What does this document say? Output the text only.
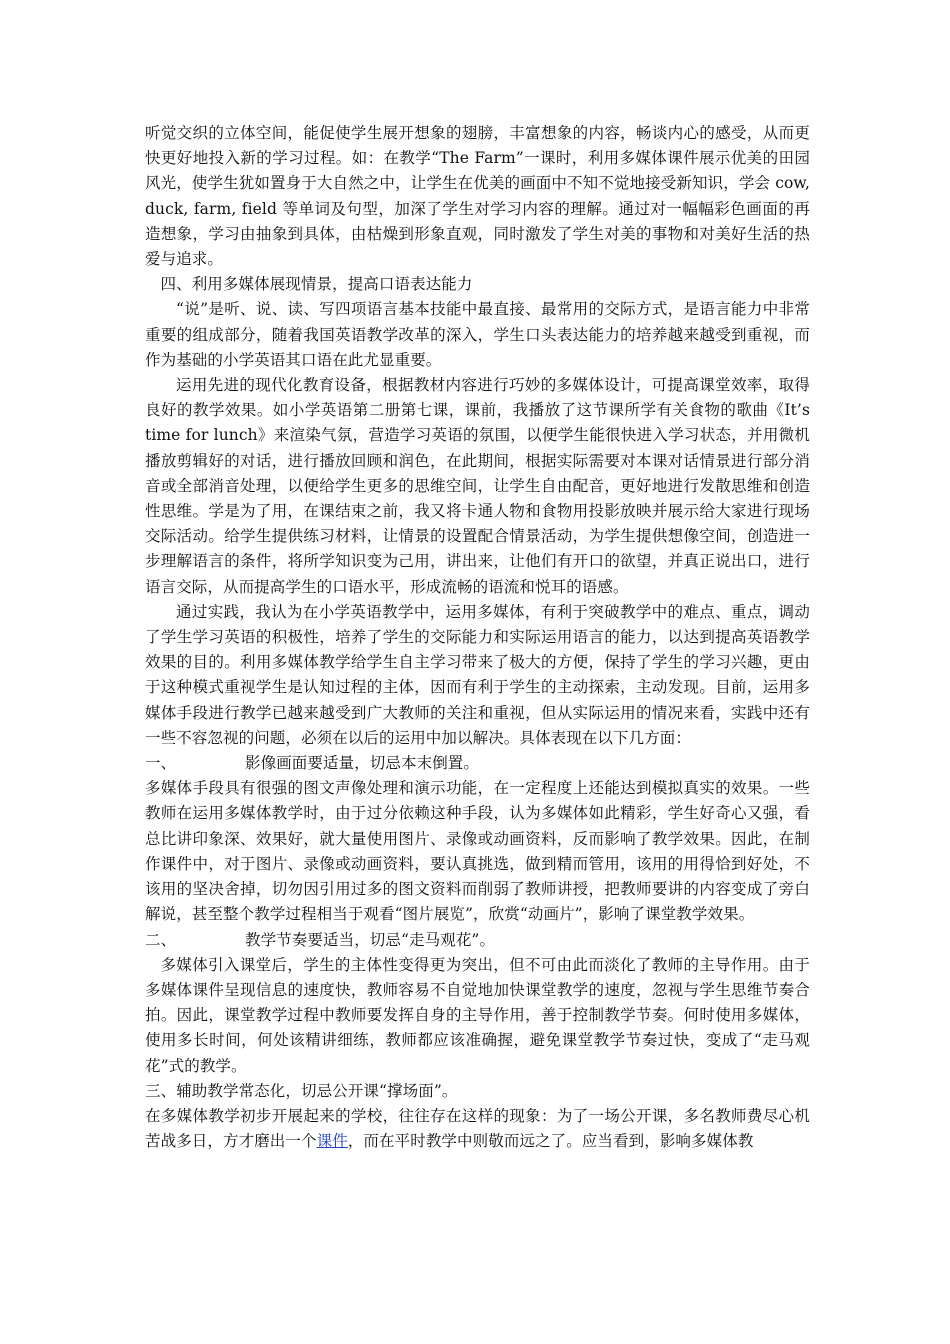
听觉交织的立体空间，能促使学生展开想象的翅膀，丰富想象的内容，畅谈内心的感受，从而更快更好地投入新的学习过程。如：在教学“The Farm”一课时，利用多媒体课件展示优美的田园风光，使学生犹如置身于大自然之中，让学生在优美的画面中不知不觉地接受新知识，学会 cow, duck, farm, field 等单词及句型，加深了学生对学习内容的理解。通过对一幅幅彩色画面的再造想象，学习由抽象到具体，由枯燥到形象直观，同时激发了学生对美的事物和对美好生活的热爱与追求。

四、利用多媒体展现情景，提高口语表达能力

“说”是听、说、读、写四项语言基本技能中最直接、最常用的交际方式，是语言能力中非常重要的组成部分，随着我国英语教学改革的深入，学生口头表达能力的培养越来越受到重视，而作为基础的小学英语其口语在此尤显重要。

运用先进的现代化教育设备，根据教材内容进行巧妙的多媒体设计，可提高课堂效率，取得良好的教学效果。如小学英语第二册第七课，课前，我播放了这节课所学有关食物的歌曲《It’s time for lunch》来渲染气氛，营造学习英语的氛围，以便学生能很快进入学习状态，并用微机播放剪辑好的对话，进行播放回顾和润色，在此期间，根据实际需要对本课对话情景进行部分消音或全部消音处理，以便给学生更多的思维空间，让学生自由配音，更好地进行发散思维和创造性思维。学是为了用，在课结束之前，我又将卡通人物和食物用投影放映并展示给大家进行现场交际活动。给学生提供练习材料，让情景的设置配合情景活动，为学生提供想像空间，创造进一步理解语言的条件，将所学知识变为己用，讲出来，让他们有开口的欲望，并真正说出口，进行语言交际，从而提高学生的口语水平，形成流畅的语流和悦耳的语感。

通过实践，我认为在小学英语教学中，运用多媒体，有利于突破教学中的难点、重点，调动了学生学习英语的积极性，培养了学生的交际能力和实际运用语言的能力，以达到提高英语教学效果的目的。利用多媒体教学给学生自主学习带来了极大的方便，保持了学生的学习兴趣，更由于这种模式重视学生是认知过程的主体，因而有利于学生的主动探索，主动发现。目前，运用多媒体手段进行教学已越来越受到广大教师的关注和重视，但从实际运用的情况来看，实践中还有一些不容忽视的问题，必须在以后的运用中加以解决。具体表现在以下几方面：

一、	影像画面要适量，切忌本末倒置。

多媒体手段具有很强的图文声像处理和演示功能，在一定程度上还能达到模拟真实的效果。一些教师在运用多媒体教学时，由于过分依赖这种手段，认为多媒体如此精彩，学生好奇心又强，看总比讲印象深、效果好，就大量使用图片、录像或动画资料，反而影响了教学效果。因此，在制作课件中，对于图片、录像或动画资料，要认真挑选，做到精而管用，该用的用得恰到好处，不该用的坚决舍掉，切勿因引用过多的图文资料而削弱了教师讲授，把教师要讲的内容变成了旁白解说，甚至整个教学过程相当于观看“图片展览”，欣赏“动画片”，影响了课堂教学效果。

二、	教学节奏要适当，切忌“走马观花”。

多媒体引入课堂后，学生的主体性变得更为突出，但不可由此而淡化了教师的主导作用。由于多媒体课件呈现信息的速度快，教师容易不自觉地加快课堂教学的速度，忽视与学生思维节奏合拍。因此，课堂教学过程中教师要发挥自身的主导作用，善于控制教学节奏。何时使用多媒体，使用多长时间，何处该精讲细练，教师都应该准确握，避免课堂教学节奏过快，变成了“走马观花”式的教学。

三、辅助教学常态化，切忌公开课“撑场面”。

在多媒体教学初步开展起来的学校，往往存在这样的现象：为了一场公开课，多名教师费尽心机苦战多日，方才磨出一个课件，而在平时教学中则敬而远之了。应当看到，影响多媒体教
